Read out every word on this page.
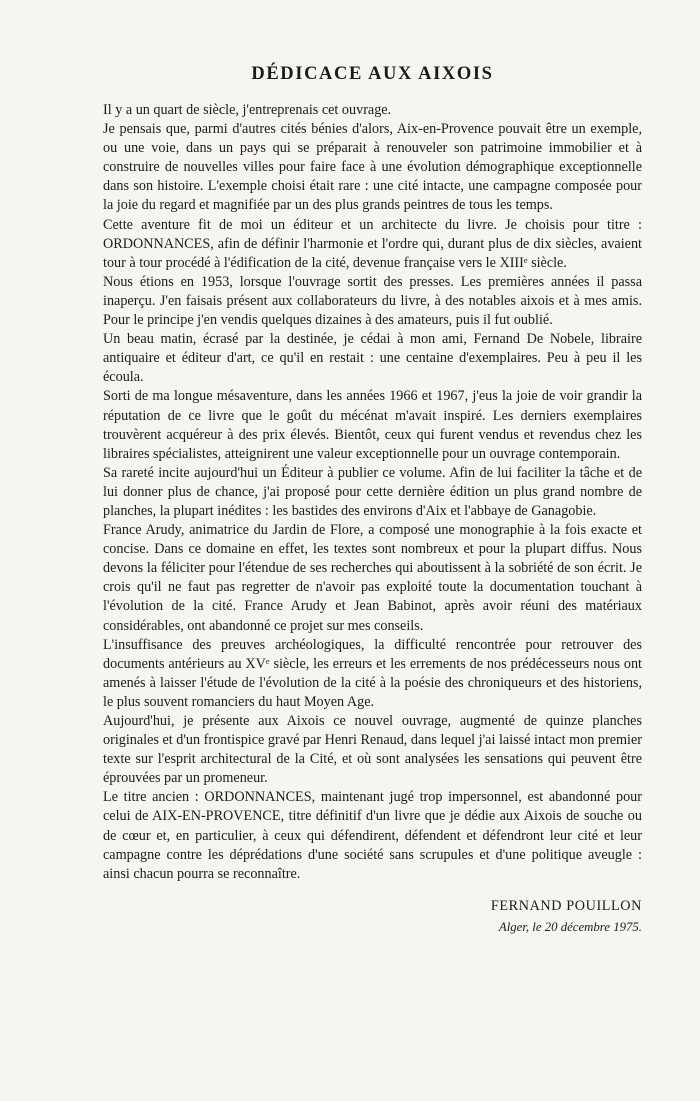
DÉDICACE AUX AIXOIS

Il y a un quart de siècle, j'entreprenais cet ouvrage.

Je pensais que, parmi d'autres cités bénies d'alors, Aix-en-Provence pouvait être un exemple, ou une voie, dans un pays qui se préparait à renouveler son patrimoine immobilier et à construire de nouvelles villes pour faire face à une évolution démographique exceptionnelle dans son histoire. L'exemple choisi était rare : une cité intacte, une campagne composée pour la joie du regard et magnifiée par un des plus grands peintres de tous les temps.

Cette aventure fit de moi un éditeur et un architecte du livre. Je choisis pour titre : ORDONNANCES, afin de définir l'harmonie et l'ordre qui, durant plus de dix siècles, avaient tour à tour procédé à l'édification de la cité, devenue française vers le XIIIᵉ siècle.

Nous étions en 1953, lorsque l'ouvrage sortit des presses. Les premières années il passa inaperçu. J'en faisais présent aux collaborateurs du livre, à des notables aixois et à mes amis. Pour le principe j'en vendis quelques dizaines à des amateurs, puis il fut oublié.

Un beau matin, écrasé par la destinée, je cédai à mon ami, Fernand De Nobele, libraire antiquaire et éditeur d'art, ce qu'il en restait : une centaine d'exemplaires. Peu à peu il les écoula.

Sorti de ma longue mésaventure, dans les années 1966 et 1967, j'eus la joie de voir grandir la réputation de ce livre que le goût du mécénat m'avait inspiré. Les derniers exemplaires trouvèrent acquéreur à des prix élevés. Bientôt, ceux qui furent vendus et revendus chez les libraires spécialistes, atteignirent une valeur exceptionnelle pour un ouvrage contemporain.

Sa rareté incite aujourd'hui un Éditeur à publier ce volume. Afin de lui faciliter la tâche et de lui donner plus de chance, j'ai proposé pour cette dernière édition un plus grand nombre de planches, la plupart inédites : les bastides des environs d'Aix et l'abbaye de Ganagobie.

France Arudy, animatrice du Jardin de Flore, a composé une monographie à la fois exacte et concise. Dans ce domaine en effet, les textes sont nombreux et pour la plupart diffus. Nous devons la féliciter pour l'étendue de ses recherches qui aboutissent à la sobriété de son écrit. Je crois qu'il ne faut pas regretter de n'avoir pas exploité toute la documentation touchant à l'évolution de la cité. France Arudy et Jean Babinot, après avoir réuni des matériaux considérables, ont abandonné ce projet sur mes conseils.

L'insuffisance des preuves archéologiques, la difficulté rencontrée pour retrouver des documents antérieurs au XVᵉ siècle, les erreurs et les errements de nos prédécesseurs nous ont amenés à laisser l'étude de l'évolution de la cité à la poésie des chroniqueurs et des historiens, le plus souvent romanciers du haut Moyen Age.

Aujourd'hui, je présente aux Aixois ce nouvel ouvrage, augmenté de quinze planches originales et d'un frontispice gravé par Henri Renaud, dans lequel j'ai laissé intact mon premier texte sur l'esprit architectural de la Cité, et où sont analysées les sensations qui peuvent être éprouvées par un promeneur.

Le titre ancien : ORDONNANCES, maintenant jugé trop impersonnel, est abandonné pour celui de AIX-EN-PROVENCE, titre définitif d'un livre que je dédie aux Aixois de souche ou de cœur et, en particulier, à ceux qui défendirent, défendent et défendront leur cité et leur campagne contre les déprédations d'une société sans scrupules et d'une politique aveugle : ainsi chacun pourra se reconnaître.

FERNAND POUILLON
Alger, le 20 décembre 1975.
